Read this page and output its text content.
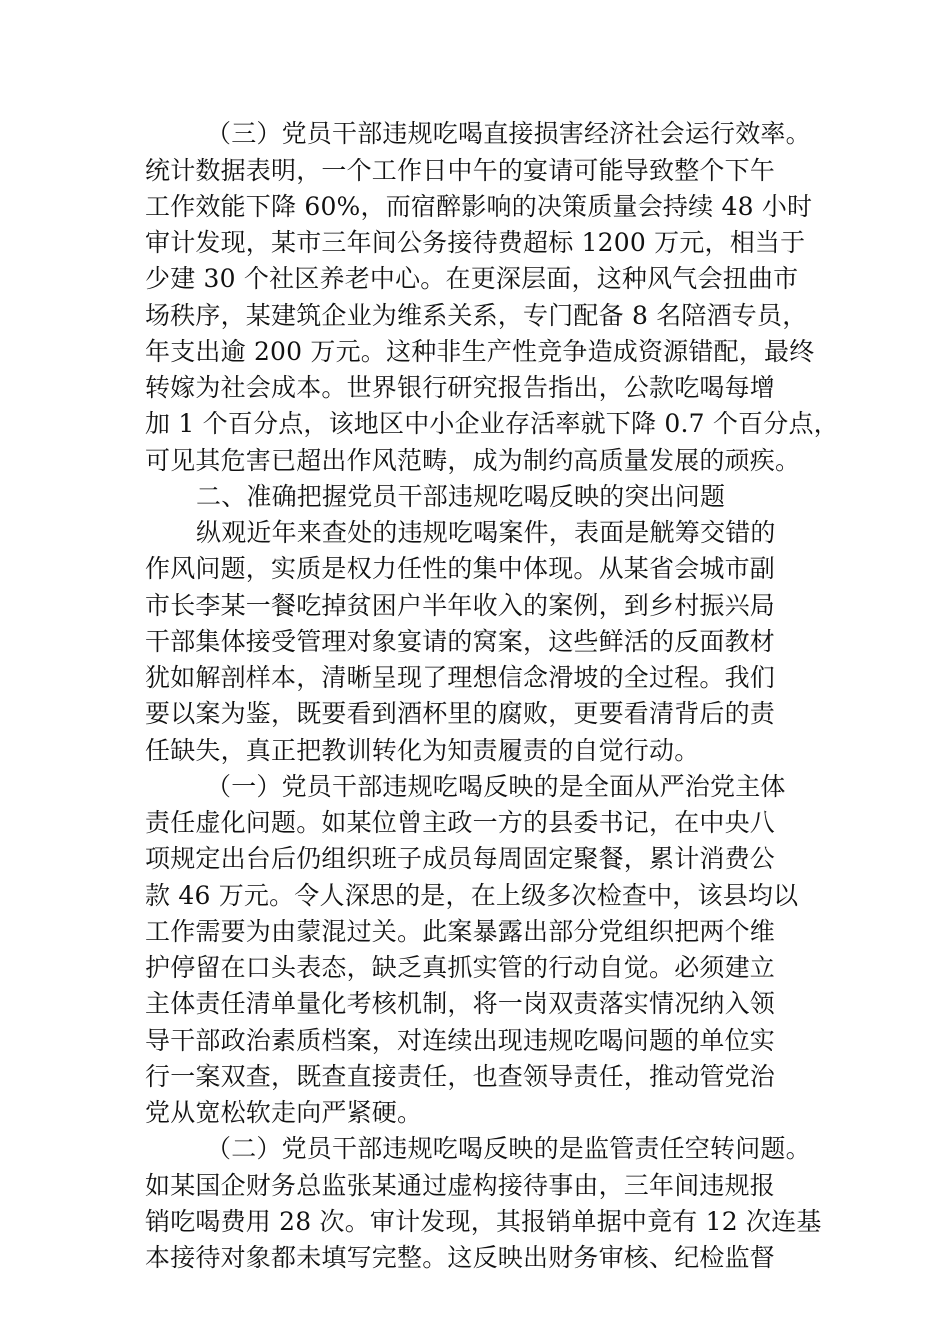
（三）党员干部违规吃喝直接损害经济社会运行效率。
统计数据表明，一个工作日中午的宴请可能导致整个下午
工作效能下降 60%，而宿醉影响的决策质量会持续 48 小时
审计发现，某市三年间公务接待费超标 1200 万元，相当于
少建 30 个社区养老中心。在更深层面，这种风气会扭曲市
场秩序，某建筑企业为维系关系，专门配备 8 名陪酒专员，
年支出逾 200 万元。这种非生产性竞争造成资源错配，最终
转嫁为社会成本。世界银行研究报告指出，公款吃喝每增
加 1 个百分点，该地区中小企业存活率就下降 0.7 个百分点，
可见其危害已超出作风范畴，成为制约高质量发展的顽疾。
二、准确把握党员干部违规吃喝反映的突出问题
纵观近年来查处的违规吃喝案件，表面是觥筹交错的
作风问题，实质是权力任性的集中体现。从某省会城市副
市长李某一餐吃掉贫困户半年收入的案例，到乡村振兴局
干部集体接受管理对象宴请的窝案，这些鲜活的反面教材
犹如解剖样本，清晰呈现了理想信念滑坡的全过程。我们
要以案为鉴，既要看到酒杯里的腐败，更要看清背后的责
任缺失，真正把教训转化为知责履责的自觉行动。
（一）党员干部违规吃喝反映的是全面从严治党主体
责任虚化问题。如某位曾主政一方的县委书记，在中央八
项规定出台后仍组织班子成员每周固定聚餐，累计消费公
款 46 万元。令人深思的是，在上级多次检查中，该县均以
工作需要为由蒙混过关。此案暴露出部分党组织把两个维
护停留在口头表态，缺乏真抓实管的行动自觉。必须建立
主体责任清单量化考核机制，将一岗双责落实情况纳入领
导干部政治素质档案，对连续出现违规吃喝问题的单位实
行一案双查，既查直接责任，也查领导责任，推动管党治
党从宽松软走向严紧硬。
（二）党员干部违规吃喝反映的是监管责任空转问题。
如某国企财务总监张某通过虚构接待事由，三年间违规报
销吃喝费用 28 次。审计发现，其报销单据中竟有 12 次连基
本接待对象都未填写完整。这反映出财务审核、纪检监督
